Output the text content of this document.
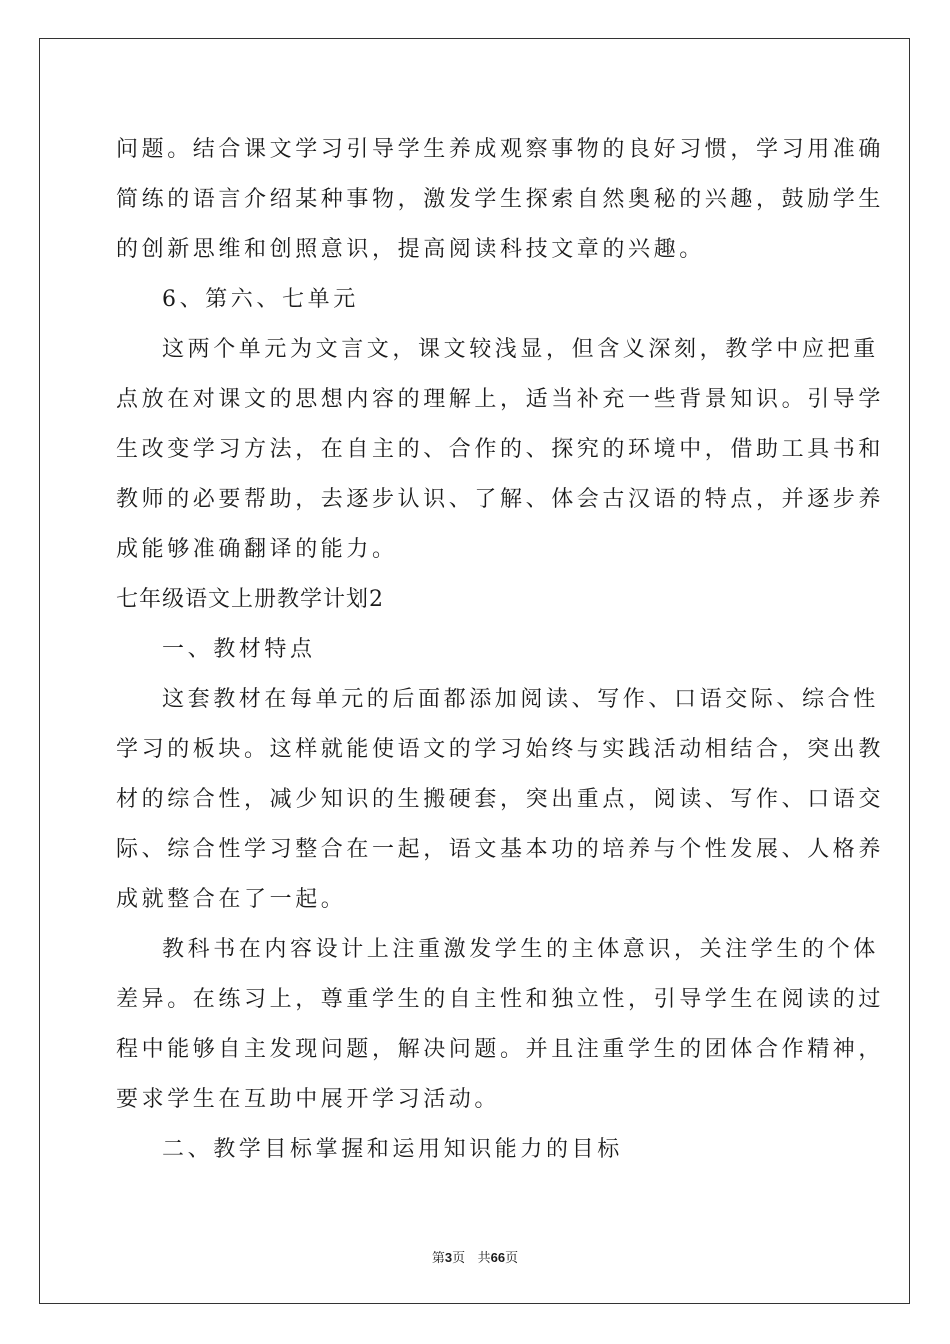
问题。结合课文学习引导学生养成观察事物的良好习惯，学习用准确

简练的语言介绍某种事物，激发学生探索自然奥秘的兴趣，鼓励学生

的创新思维和创照意识，提高阅读科技文章的兴趣。

6、第六、七单元

这两个单元为文言文，课文较浅显，但含义深刻，教学中应把重

点放在对课文的思想内容的理解上，适当补充一些背景知识。引导学

生改变学习方法，在自主的、合作的、探究的环境中，借助工具书和

教师的必要帮助，去逐步认识、了解、体会古汉语的特点，并逐步养

成能够准确翻译的能力。

七年级语文上册教学计划2

一、教材特点

这套教材在每单元的后面都添加阅读、写作、口语交际、综合性

学习的板块。这样就能使语文的学习始终与实践活动相结合，突出教

材的综合性，减少知识的生搬硬套，突出重点，阅读、写作、口语交

际、综合性学习整合在一起，语文基本功的培养与个性发展、人格养

成就整合在了一起。

教科书在内容设计上注重激发学生的主体意识，关注学生的个体

差异。在练习上，尊重学生的自主性和独立性，引导学生在阅读的过

程中能够自主发现问题，解决问题。并且注重学生的团体合作精神，

要求学生在互助中展开学习活动。

二、教学目标掌握和运用知识能力的目标

第3页 共66页
